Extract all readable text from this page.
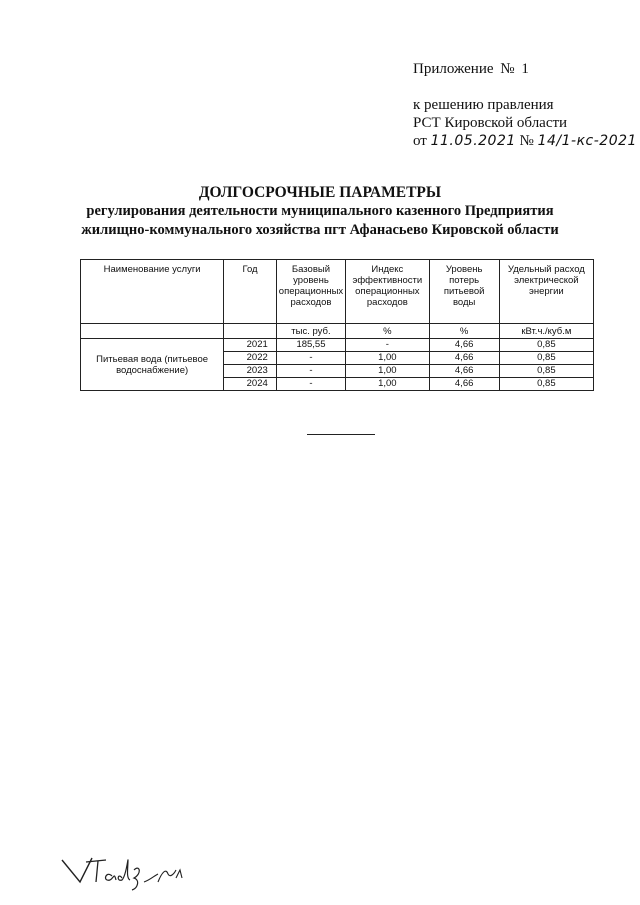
Приложение № 1
к решению правления
РСТ Кировской области
от 11.05.2021 № 14/1-кс-2021
ДОЛГОСРОЧНЫЕ ПАРАМЕТРЫ
регулирования деятельности муниципального казенного Предприятия
жилищно-коммунального хозяйства пгт Афанасьево Кировской области
Наименование услуги	Год	Базовый уровень операционных расходов	Индекс эффективности операционных расходов	Уровень потерь питьевой воды	Удельный расход электрической энергии
		тыс. руб.	%	%	кВт.ч./куб.м
Питьевая вода (питьевое водоснабжение)	2021	185,55	-	4,66	0,85
	2022	-	1,00	4,66	0,85
	2023	-	1,00	4,66	0,85
	2024	-	1,00	4,66	0,85
